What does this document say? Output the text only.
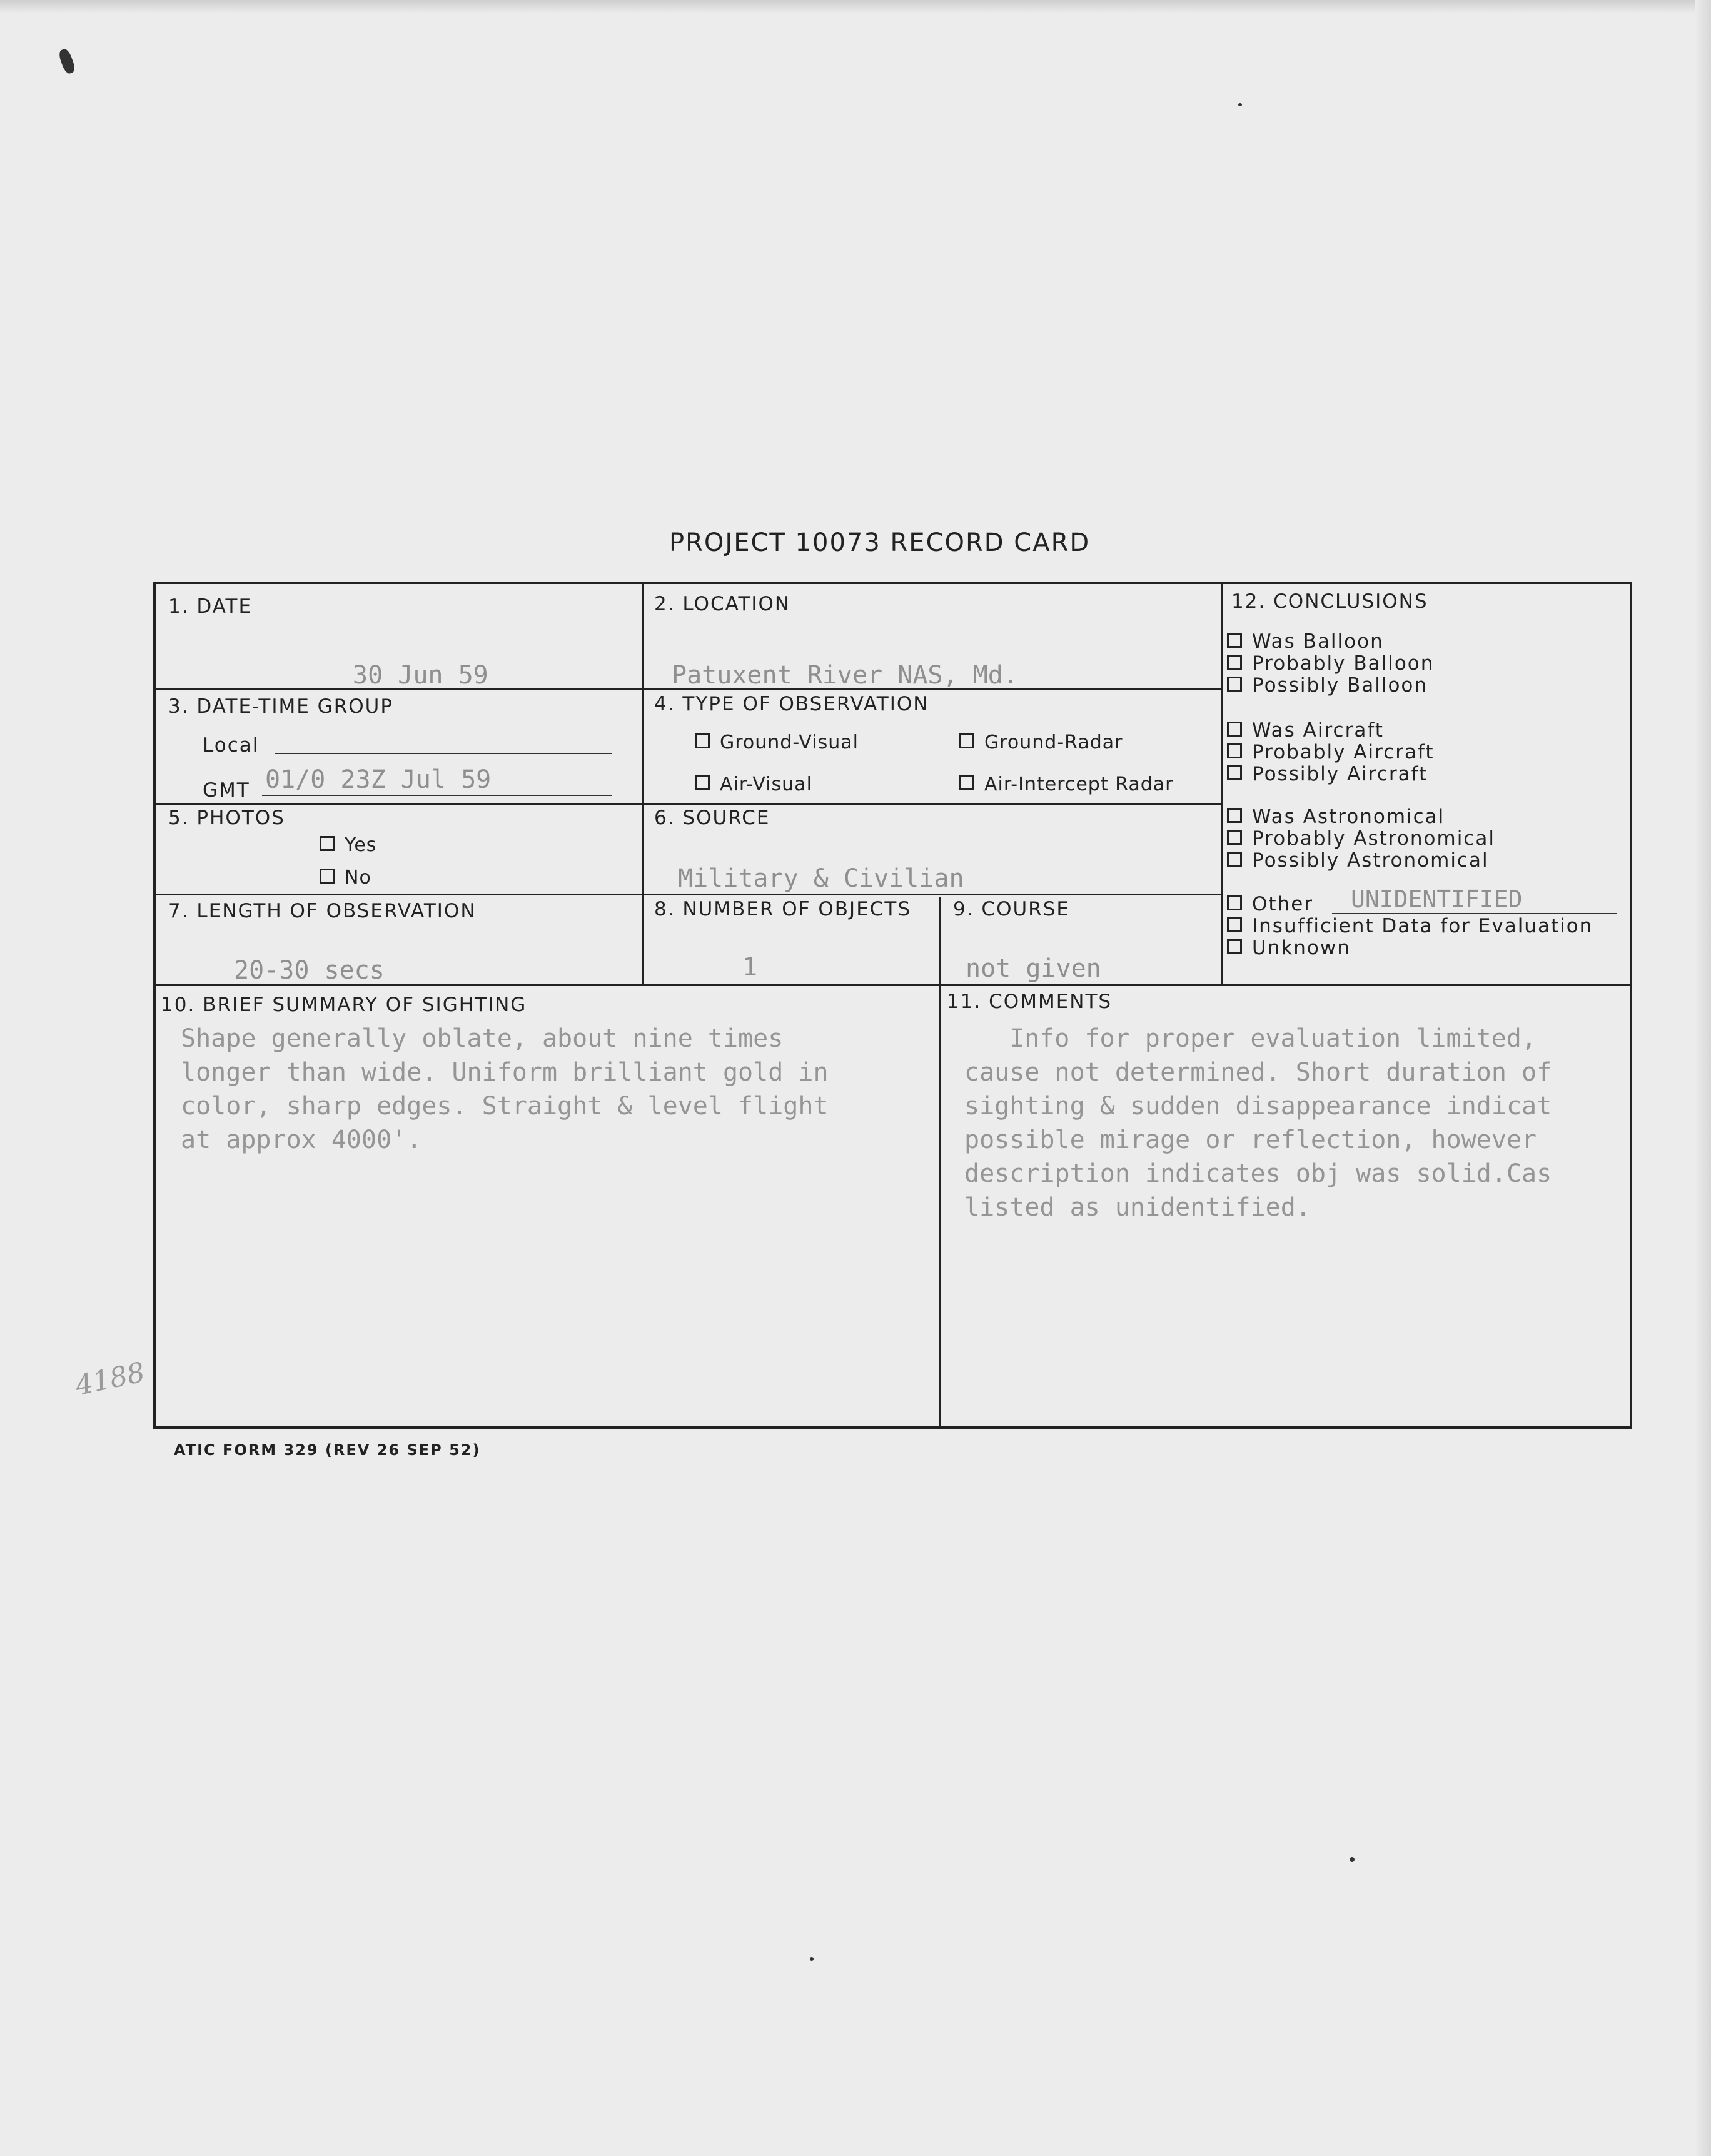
PROJECT 10073 RECORD CARD
1. DATE
30 Jun 59
2. LOCATION
Patuxent River NAS, Md.
3. DATE-TIME GROUP
Local
GMT 01/0 23Z Jul 59
4. TYPE OF OBSERVATION
Ground-Visual	Ground-Radar
Air-Visual	Air-Intercept Radar
5. PHOTOS
Yes
No
6. SOURCE
Military & Civilian
7. LENGTH OF OBSERVATION
20-30 secs
8. NUMBER OF OBJECTS
1
9. COURSE
not given
10. BRIEF SUMMARY OF SIGHTING
Shape generally oblate, about nine times
longer than wide. Uniform brilliant gold in
color, sharp edges. Straight & level flight
at approx 4000'.
11. COMMENTS
Info for proper evaluation limited,
cause not determined. Short duration of
sighting & sudden disappearance indicat
possible mirage or reflection, however
description indicates obj was solid.Cas
listed as unidentified.
12. CONCLUSIONS
Was Balloon
Probably Balloon
Possibly Balloon
Was Aircraft
Probably Aircraft
Possibly Aircraft
Was Astronomical
Probably Astronomical
Possibly Astronomical
Other UNIDENTIFIED
Insufficient Data for Evaluation
Unknown
ATIC FORM 329 (REV 26 SEP 52)
4188
